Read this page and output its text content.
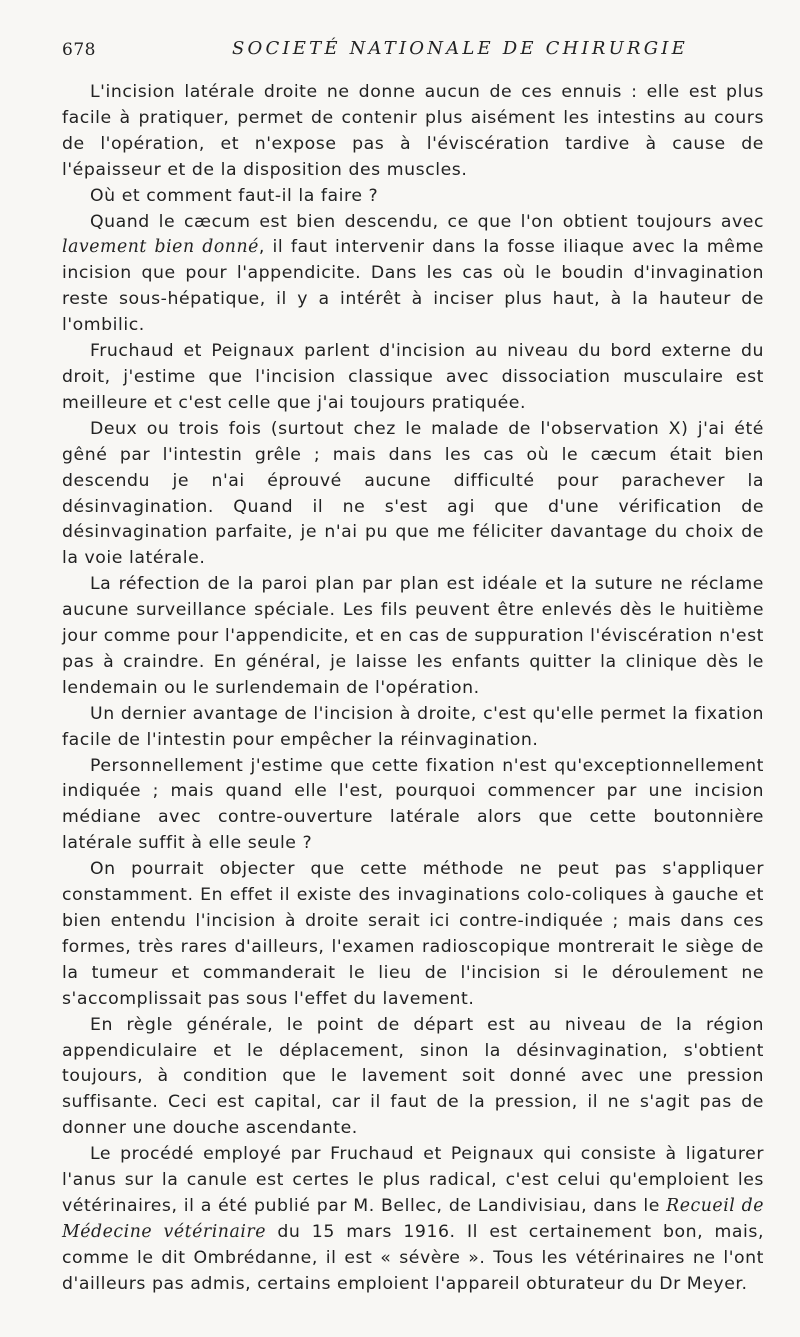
678	SOCIETÉ NATIONALE DE CHIRURGIE

L'incision latérale droite ne donne aucun de ces ennuis : elle est plus facile à pratiquer, permet de contenir plus aisément les intestins au cours de l'opération, et n'expose pas à l'éviscération tardive à cause de l'épaisseur et de la disposition des muscles.

Où et comment faut-il la faire ?

Quand le cæcum est bien descendu, ce que l'on obtient toujours avec lavement bien donné, il faut intervenir dans la fosse iliaque avec la même incision que pour l'appendicite. Dans les cas où le boudin d'invagination reste sous-hépatique, il y a intérêt à inciser plus haut, à la hauteur de l'ombilic.

Fruchaud et Peignaux parlent d'incision au niveau du bord externe du droit, j'estime que l'incision classique avec dissociation musculaire est meilleure et c'est celle que j'ai toujours pratiquée.

Deux ou trois fois (surtout chez le malade de l'observation X) j'ai été gêné par l'intestin grêle ; mais dans les cas où le cæcum était bien descendu je n'ai éprouvé aucune difficulté pour parachever la désinvagination. Quand il ne s'est agi que d'une vérification de désinvagination parfaite, je n'ai pu que me féliciter davantage du choix de la voie latérale.

La réfection de la paroi plan par plan est idéale et la suture ne réclame aucune surveillance spéciale. Les fils peuvent être enlevés dès le huitième jour comme pour l'appendicite, et en cas de suppuration l'éviscération n'est pas à craindre. En général, je laisse les enfants quitter la clinique dès le lendemain ou le surlendemain de l'opération.

Un dernier avantage de l'incision à droite, c'est qu'elle permet la fixation facile de l'intestin pour empêcher la réinvagination.

Personnellement j'estime que cette fixation n'est qu'exceptionnellement indiquée ; mais quand elle l'est, pourquoi commencer par une incision médiane avec contre-ouverture latérale alors que cette boutonnière latérale suffit à elle seule ?

On pourrait objecter que cette méthode ne peut pas s'appliquer constamment. En effet il existe des invaginations colo-coliques à gauche et bien entendu l'incision à droite serait ici contre-indiquée ; mais dans ces formes, très rares d'ailleurs, l'examen radioscopique montrerait le siège de la tumeur et commanderait le lieu de l'incision si le déroulement ne s'accomplissait pas sous l'effet du lavement.

En règle générale, le point de départ est au niveau de la région appendiculaire et le déplacement, sinon la désinvagination, s'obtient toujours, à condition que le lavement soit donné avec une pression suffisante. Ceci est capital, car il faut de la pression, il ne s'agit pas de donner une douche ascendante.

Le procédé employé par Fruchaud et Peignaux qui consiste à ligaturer l'anus sur la canule est certes le plus radical, c'est celui qu'emploient les vétérinaires, il a été publié par M. Bellec, de Landivisiau, dans le Recueil de Médecine vétérinaire du 15 mars 1916. Il est certainement bon, mais, comme le dit Ombrédanne, il est « sévère ». Tous les vétérinaires ne l'ont d'ailleurs pas admis, certains emploient l'appareil obturateur du Dr Meyer.
